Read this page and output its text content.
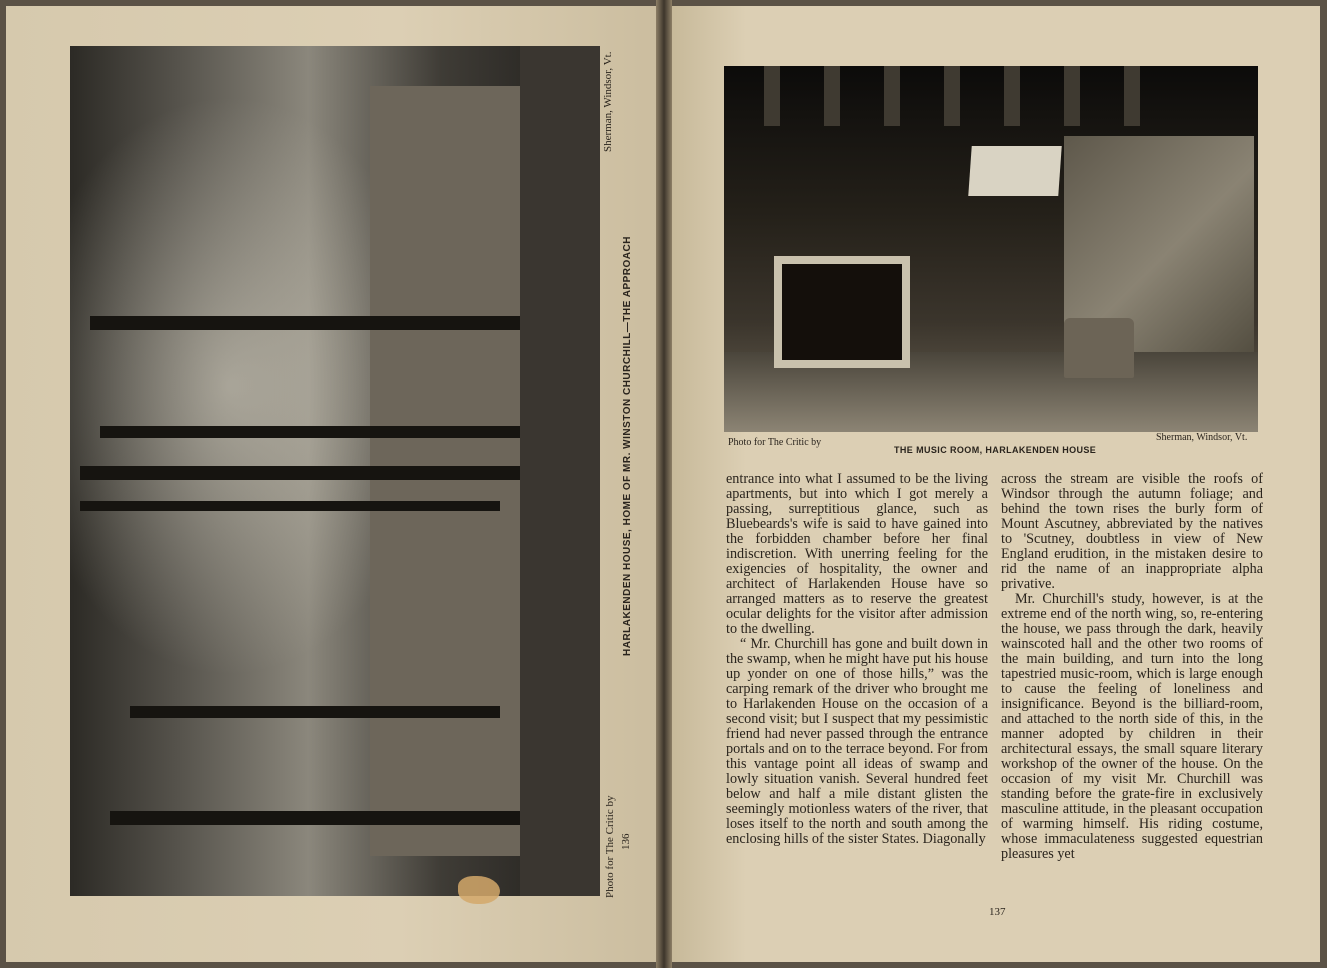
HARLAKENDEN HOUSE, HOME OF MR. WINSTON CHURCHILL—THE APPROACH
Photo for The Critic by 136
Sherman, Windsor, Vt.
Photo for The Critic by	Sherman, Windsor, Vt.
THE MUSIC ROOM, HARLAKENDEN HOUSE

entrance into what I assumed to be the living apartments, but into which I got merely a passing, surreptitious glance, such as Bluebeards's wife is said to have gained into the forbidden chamber before her final indiscretion. With unerring feeling for the exigencies of hospitality, the owner and architect of Harlakenden House have so arranged matters as to reserve the greatest ocular delights for the visitor after admission to the dwelling.

“ Mr. Churchill has gone and built down in the swamp, when he might have put his house up yonder on one of those hills,” was the carping remark of the driver who brought me to Harlakenden House on the occasion of a second visit; but I suspect that my pessimistic friend had never passed through the entrance portals and on to the terrace beyond. For from this vantage point all ideas of swamp and lowly situation vanish. Several hundred feet below and half a mile distant glisten the seemingly motionless waters of the river, that loses itself to the north and south among the enclosing hills of the sister States. Diagonally

across the stream are visible the roofs of Windsor through the autumn foliage; and behind the town rises the burly form of Mount Ascutney, abbreviated by the natives to 'Scutney, doubtless in view of New England erudition, in the mistaken desire to rid the name of an inappropriate alpha privative.

Mr. Churchill's study, however, is at the extreme end of the north wing, so, re-entering the house, we pass through the dark, heavily wainscoted hall and the other two rooms of the main building, and turn into the long tapestried music-room, which is large enough to cause the feeling of loneliness and insignificance. Beyond is the billiard-room, and attached to the north side of this, in the manner adopted by children in their architectural essays, the small square literary workshop of the owner of the house. On the occasion of my visit Mr. Churchill was standing before the grate-fire in exclusively masculine attitude, in the pleasant occupation of warming himself. His riding costume, whose immaculateness suggested equestrian pleasures yet

137
